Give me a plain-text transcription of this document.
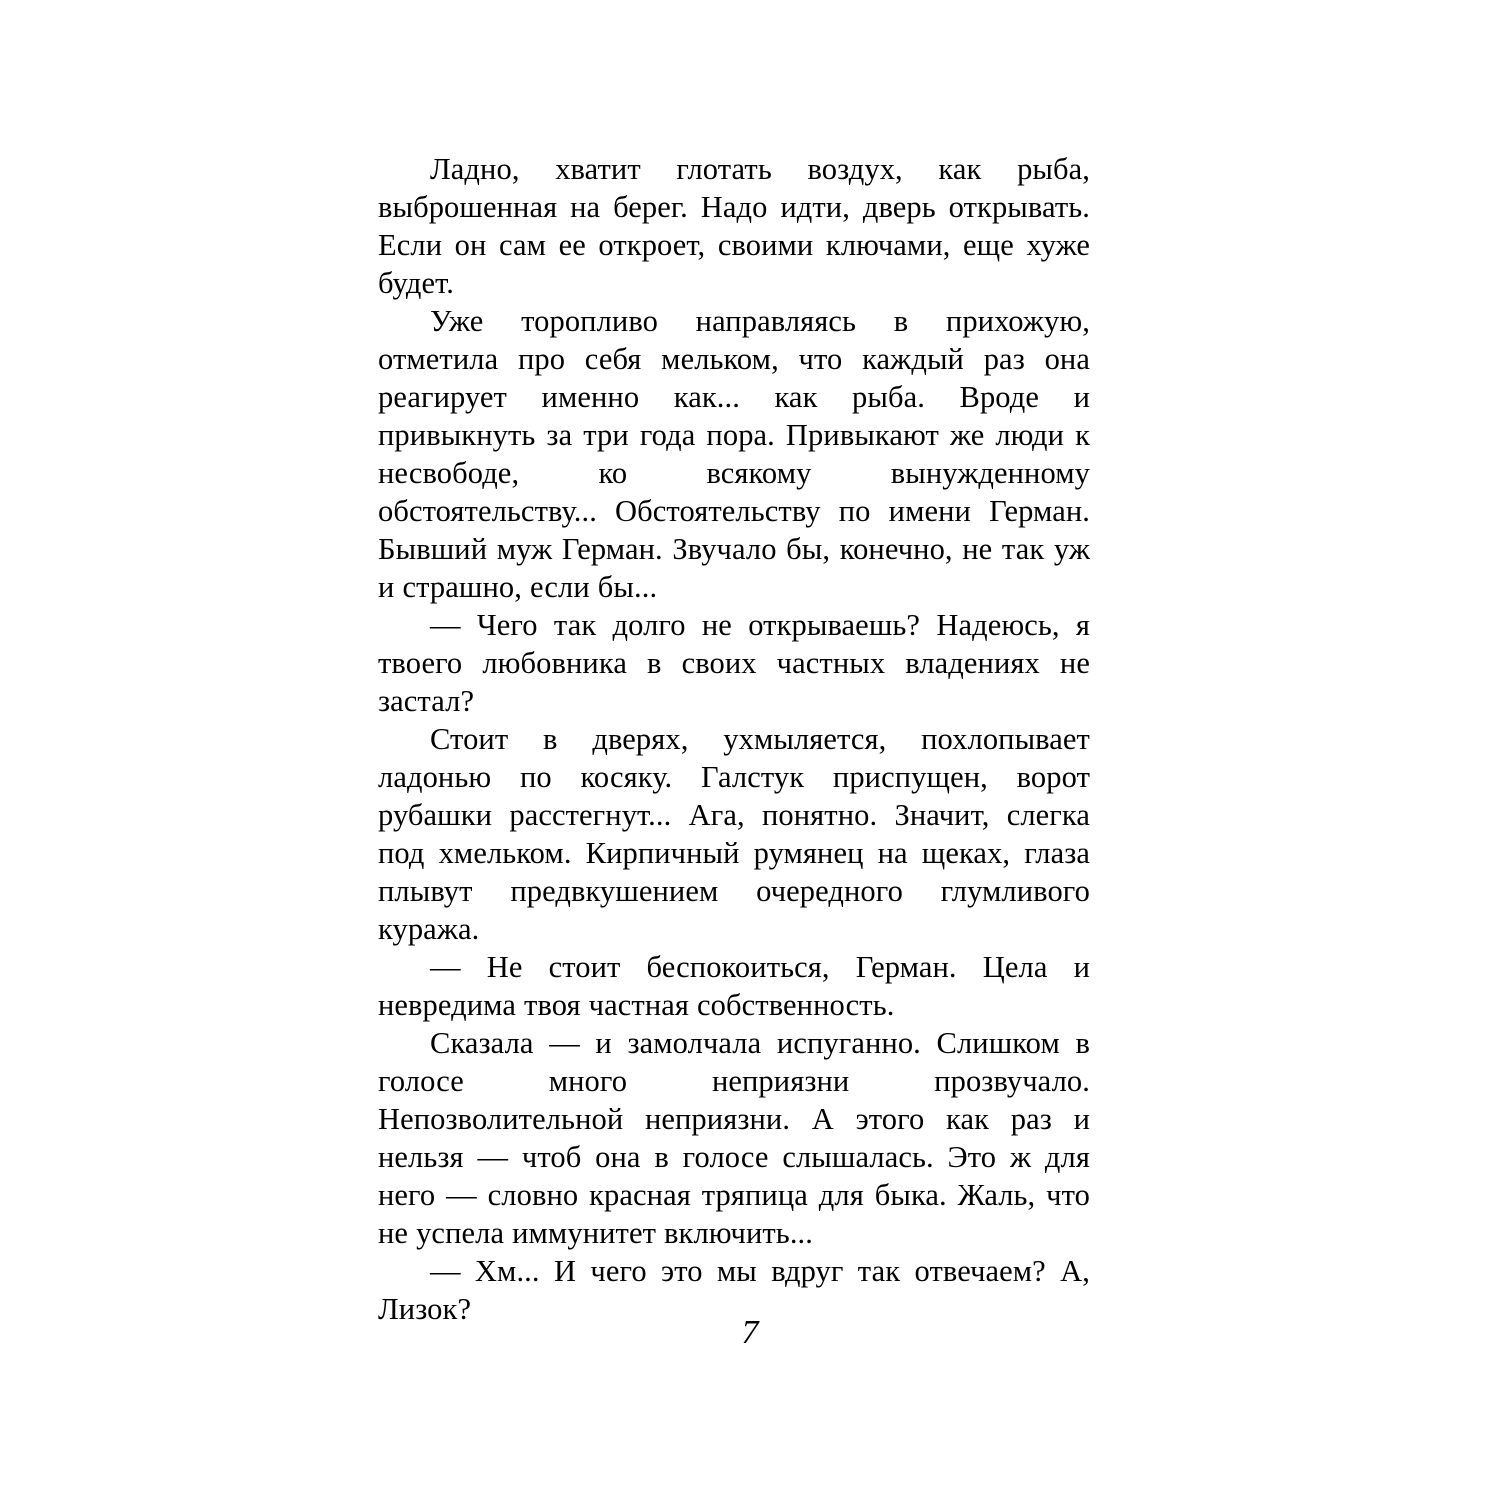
Ладно, хватит глотать воздух, как рыба, выброшенная на берег. Надо идти, дверь открывать. Если он сам ее откроет, своими ключами, еще хуже будет.

Уже торопливо направляясь в прихожую, отметила про себя мельком, что каждый раз она реагирует именно как... как рыба. Вроде и привыкнуть за три года пора. Привыкают же люди к несвободе, ко всякому вынужденному обстоятельству... Обстоятельству по имени Герман. Бывший муж Герман. Звучало бы, конечно, не так уж и страшно, если бы...

— Чего так долго не открываешь? Надеюсь, я твоего любовника в своих частных владениях не застал?

Стоит в дверях, ухмыляется, похлопывает ладонью по косяку. Галстук приспущен, ворот рубашки расстегнут... Ага, понятно. Значит, слегка под хмельком. Кирпичный румянец на щеках, глаза плывут предвкушением очередного глумливого куража.

— Не стоит беспокоиться, Герман. Цела и невредима твоя частная собственность.

Сказала — и замолчала испуганно. Слишком в голосе много неприязни прозвучало. Непозволительной неприязни. А этого как раз и нельзя — чтоб она в голосе слышалась. Это ж для него — словно красная тряпица для быка. Жаль, что не успела иммунитет включить...

— Хм... И чего это мы вдруг так отвечаем? А, Лизок?

7
